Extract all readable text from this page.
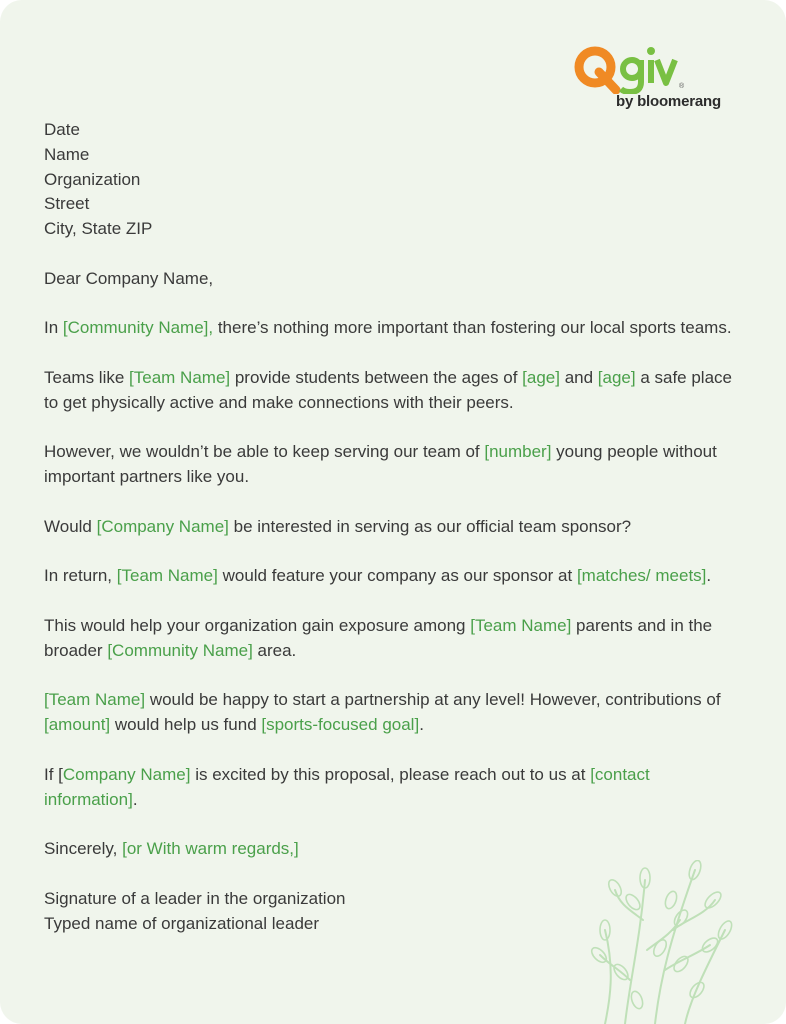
®
by bloomerang

Date
Name
Organization
Street
City, State ZIP

Dear Company Name,

In [Community Name], there’s nothing more important than fostering our local sports teams.

Teams like [Team Name] provide students between the ages of [age] and [age] a safe place to get physically active and make connections with their peers.

However, we wouldn’t be able to keep serving our team of [number] young people without important partners like you.

Would [Company Name] be interested in serving as our official team sponsor?

In return, [Team Name] would feature your company as our sponsor at [matches/ meets].

This would help your organization gain exposure among [Team Name] parents and in the broader [Community Name] area.

[Team Name] would be happy to start a partnership at any level! However, contributions of [amount] would help us fund [sports-focused goal].

If [Company Name] is excited by this proposal, please reach out to us at [contact information].

Sincerely, [or With warm regards,]

Signature of a leader in the organization
Typed name of organizational leader
